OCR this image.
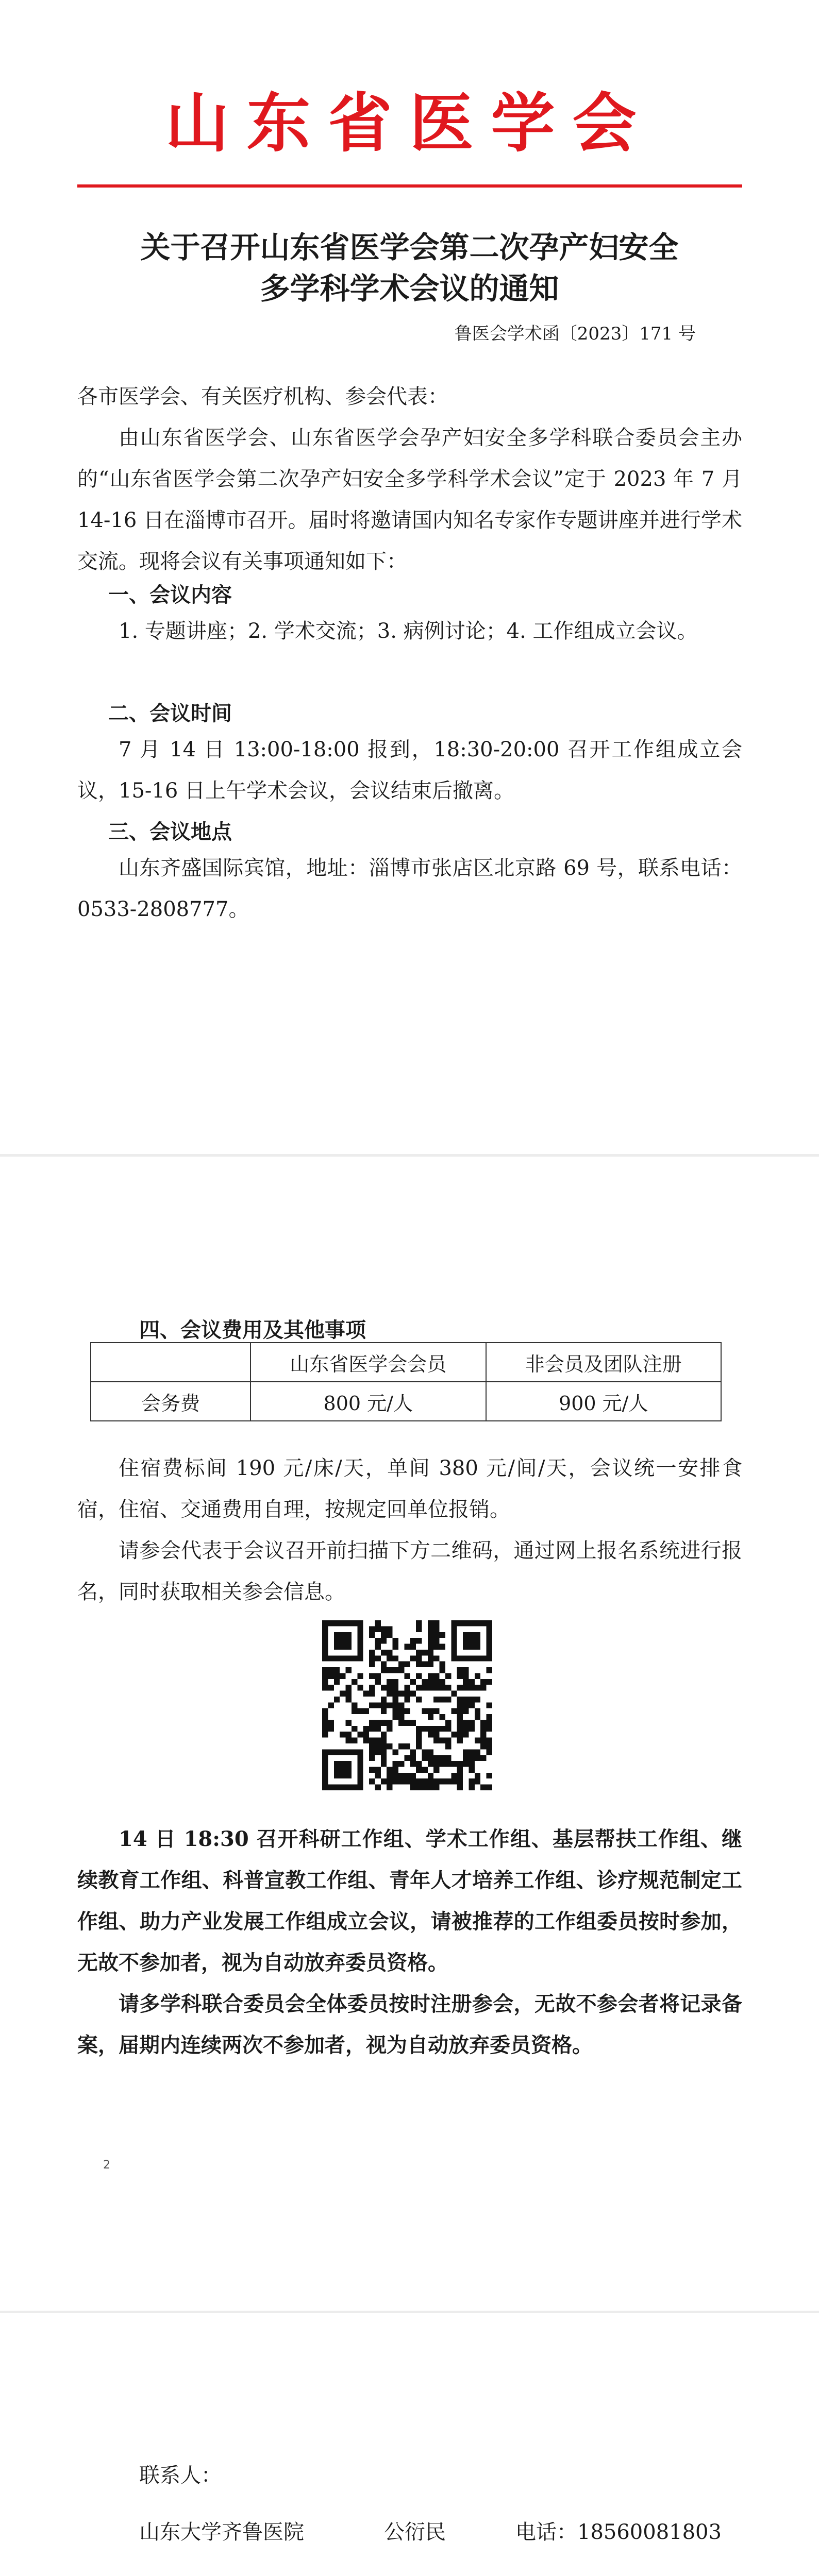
山东省医学会
关于召开山东省医学会第二次孕产妇安全
多学科学术会议的通知
鲁医会学术函〔2023〕171 号
各市医学会、有关医疗机构、参会代表：
由山东省医学会、山东省医学会孕产妇安全多学科联合委员会主办的“山东省医学会第二次孕产妇安全多学科学术会议”定于 2023 年 7 月 14-16 日在淄博市召开。届时将邀请国内知名专家作专题讲座并进行学术交流。现将会议有关事项通知如下：
一、会议内容
1. 专题讲座；2. 学术交流；3. 病例讨论；4. 工作组成立会议。
二、会议时间
7 月 14 日 13:00-18:00 报到，18:30-20:00 召开工作组成立会议，15-16 日上午学术会议，会议结束后撤离。
三、会议地点
山东齐盛国际宾馆，地址：淄博市张店区北京路 69 号，联系电话：0533-2808777。
四、会议费用及其他事项
	山东省医学会会员	非会员及团队注册
会务费	800 元/人	900 元/人
住宿费标间 190 元/床/天，单间 380 元/间/天，会议统一安排食宿，住宿、交通费用自理，按规定回单位报销。
请参会代表于会议召开前扫描下方二维码，通过网上报名系统进行报名，同时获取相关参会信息。
14 日 18:30 召开科研工作组、学术工作组、基层帮扶工作组、继续教育工作组、科普宣教工作组、青年人才培养工作组、诊疗规范制定工作组、助力产业发展工作组成立会议，请被推荐的工作组委员按时参加，无故不参加者，视为自动放弃委员资格。
请多学科联合委员会全体委员按时注册参会，无故不参会者将记录备案，届期内连续两次不参加者，视为自动放弃委员资格。
2
联系人：
山东大学齐鲁医院	公衍民	电话：18560081803
